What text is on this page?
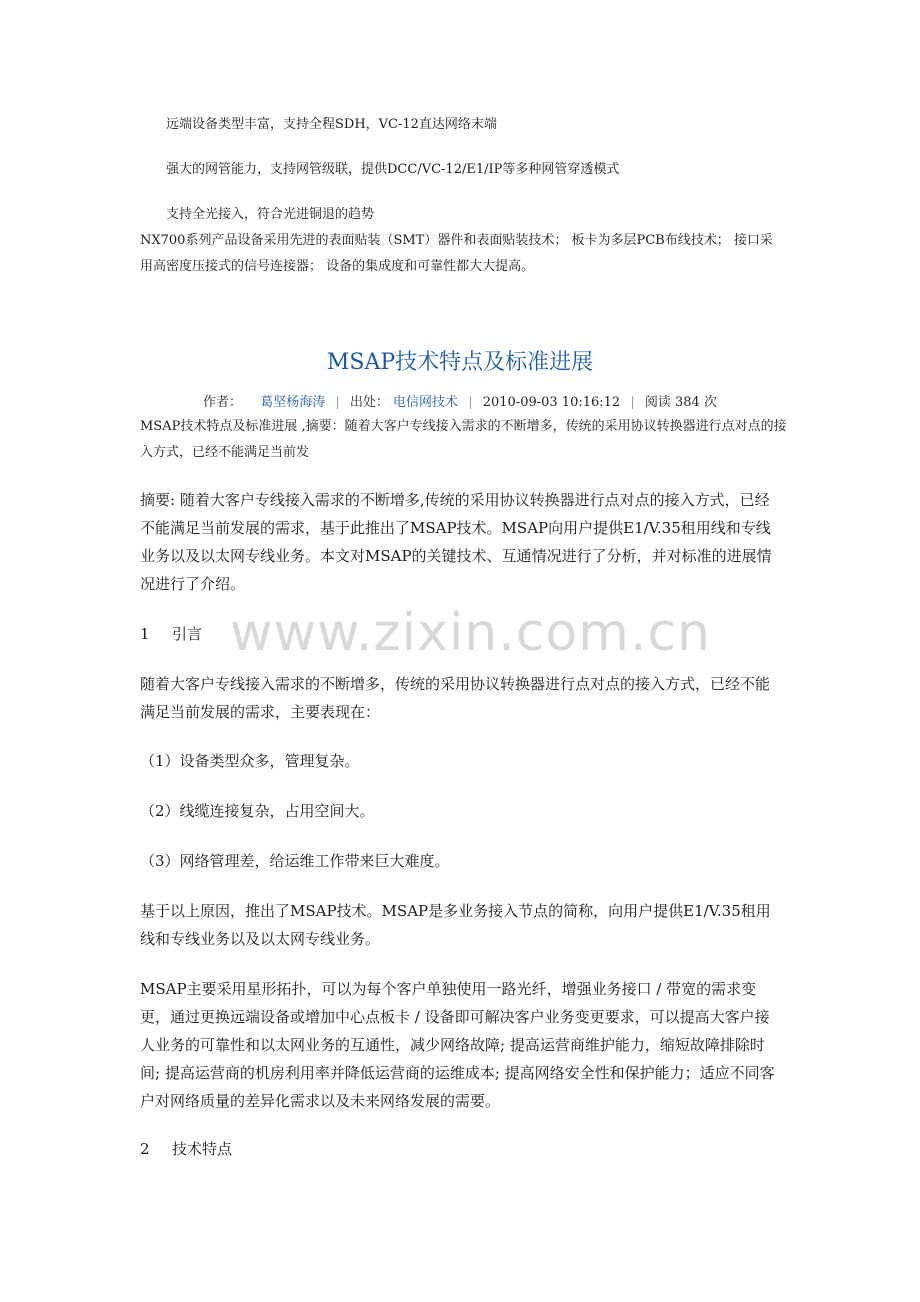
远端设备类型丰富，支持全程SDH，VC-12直达网络末端
强大的网管能力，支持网管级联，提供DCC/VC-12/E1/IP等多种网管穿透模式
支持全光接入，符合光进铜退的趋势
NX700系列产品设备采用先进的表面贴装（SMT）器件和表面贴装技术； 板卡为多层PCB布线技术； 接口采用高密度压接式的信号连接器； 设备的集成度和可靠性都大大提高。
MSAP技术特点及标准进展
作者： 葛坚杨海涛 | 出处： 电信网技术 | 2010-09-03 10:16:12 | 阅读 384 次
MSAP技术特点及标准进展 ,摘要：随着大客户专线接入需求的不断增多，传统的采用协议转换器进行点对点的接入方式，已经不能满足当前发

摘要: 随着大客户专线接入需求的不断增多,传统的采用协议转换器进行点对点的接入方式，已经不能满足当前发展的需求，基于此推出了MSAP技术。MSAP向用户提供E1/V.35租用线和专线业务以及以太网专线业务。本文对MSAP的关键技术、互通情况进行了分析，并对标准的进展情况进行了介绍。

www.zixin.com.cn
1 引言

随着大客户专线接入需求的不断增多，传统的采用协议转换器进行点对点的接入方式，已经不能满足当前发展的需求，主要表现在：

（1）设备类型众多，管理复杂。

（2）线缆连接复杂，占用空间大。

（3）网络管理差，给运维工作带来巨大难度。

基于以上原因，推出了MSAP技术。MSAP是多业务接入节点的简称，向用户提供E1/V.35租用线和专线业务以及以太网专线业务。

MSAP主要采用星形拓扑，可以为每个客户单独使用一路光纤，增强业务接口 / 带宽的需求变更，通过更换远端设备或增加中心点板卡 / 设备即可解决客户业务变更要求，可以提高大客户接人业务的可靠性和以太网业务的互通性，减少网络故障; 提高运营商维护能力，缩短故障排除时间; 提高运营商的机房利用率并降低运营商的运维成本; 提高网络安全性和保护能力；适应不同客户对网络质量的差异化需求以及未来网络发展的需要。

2 技术特点
